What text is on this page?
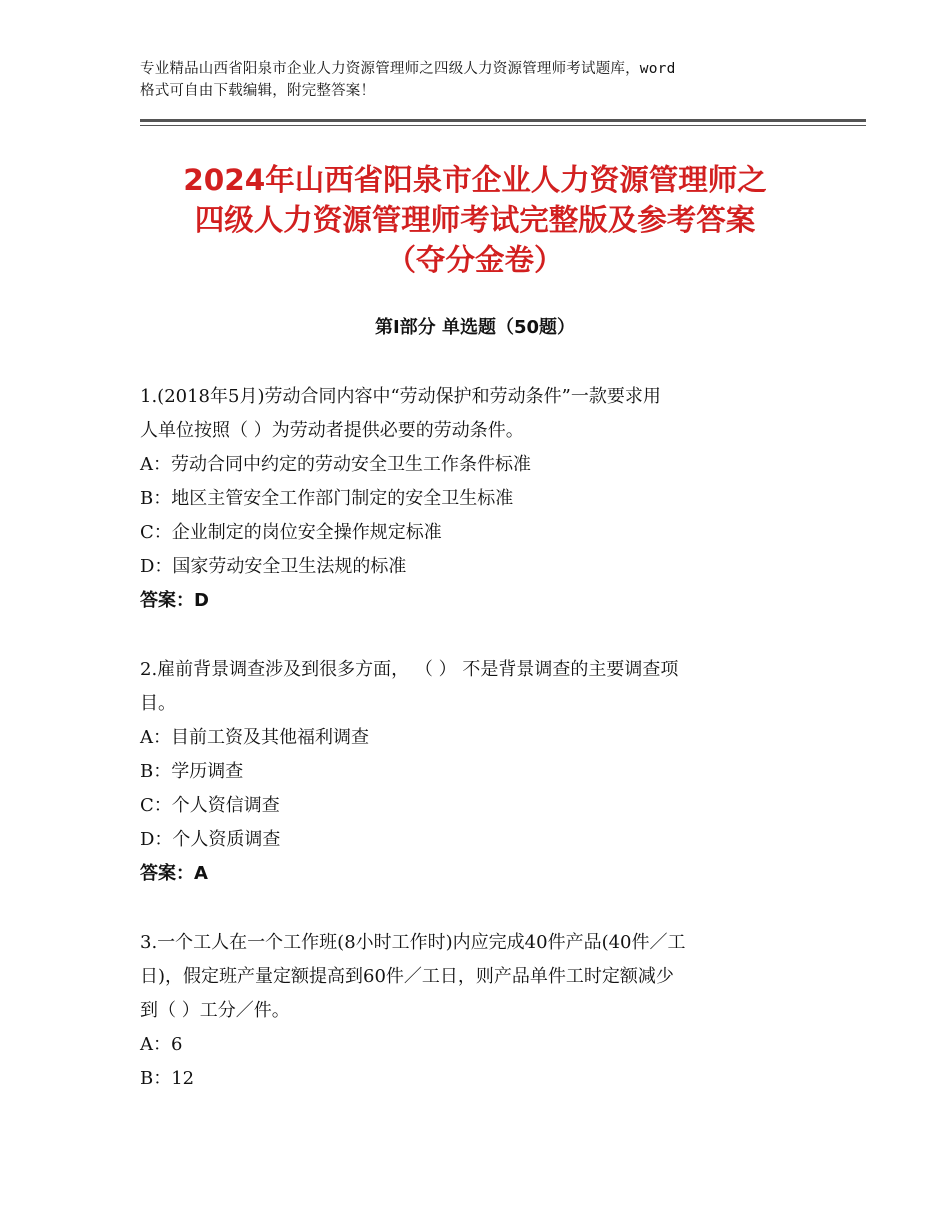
专业精品山西省阳泉市企业人力资源管理师之四级人力资源管理师考试题库，word
格式可自由下载编辑，附完整答案！
2024年山西省阳泉市企业人力资源管理师之
四级人力资源管理师考试完整版及参考答案
（夺分金卷）
第Ⅰ部分 单选题（50题）

1.(2018年5月)劳动合同内容中“劳动保护和劳动条件”一款要求用

人单位按照（ ）为劳动者提供必要的劳动条件。

A：劳动合同中约定的劳动安全卫生工作条件标准

B：地区主管安全工作部门制定的安全卫生标准

C：企业制定的岗位安全操作规定标准

D：国家劳动安全卫生法规的标准

答案：D

2.雇前背景调查涉及到很多方面， （ ） 不是背景调查的主要调查项

目。

A：目前工资及其他福利调查

B：学历调查

C：个人资信调查

D：个人资质调查

答案：A

3.一个工人在一个工作班(8小时工作时)内应完成40件产品(40件／工

日)，假定班产量定额提高到60件／工日，则产品单件工时定额减少

到（ ）工分／件。

A：6

B：12
